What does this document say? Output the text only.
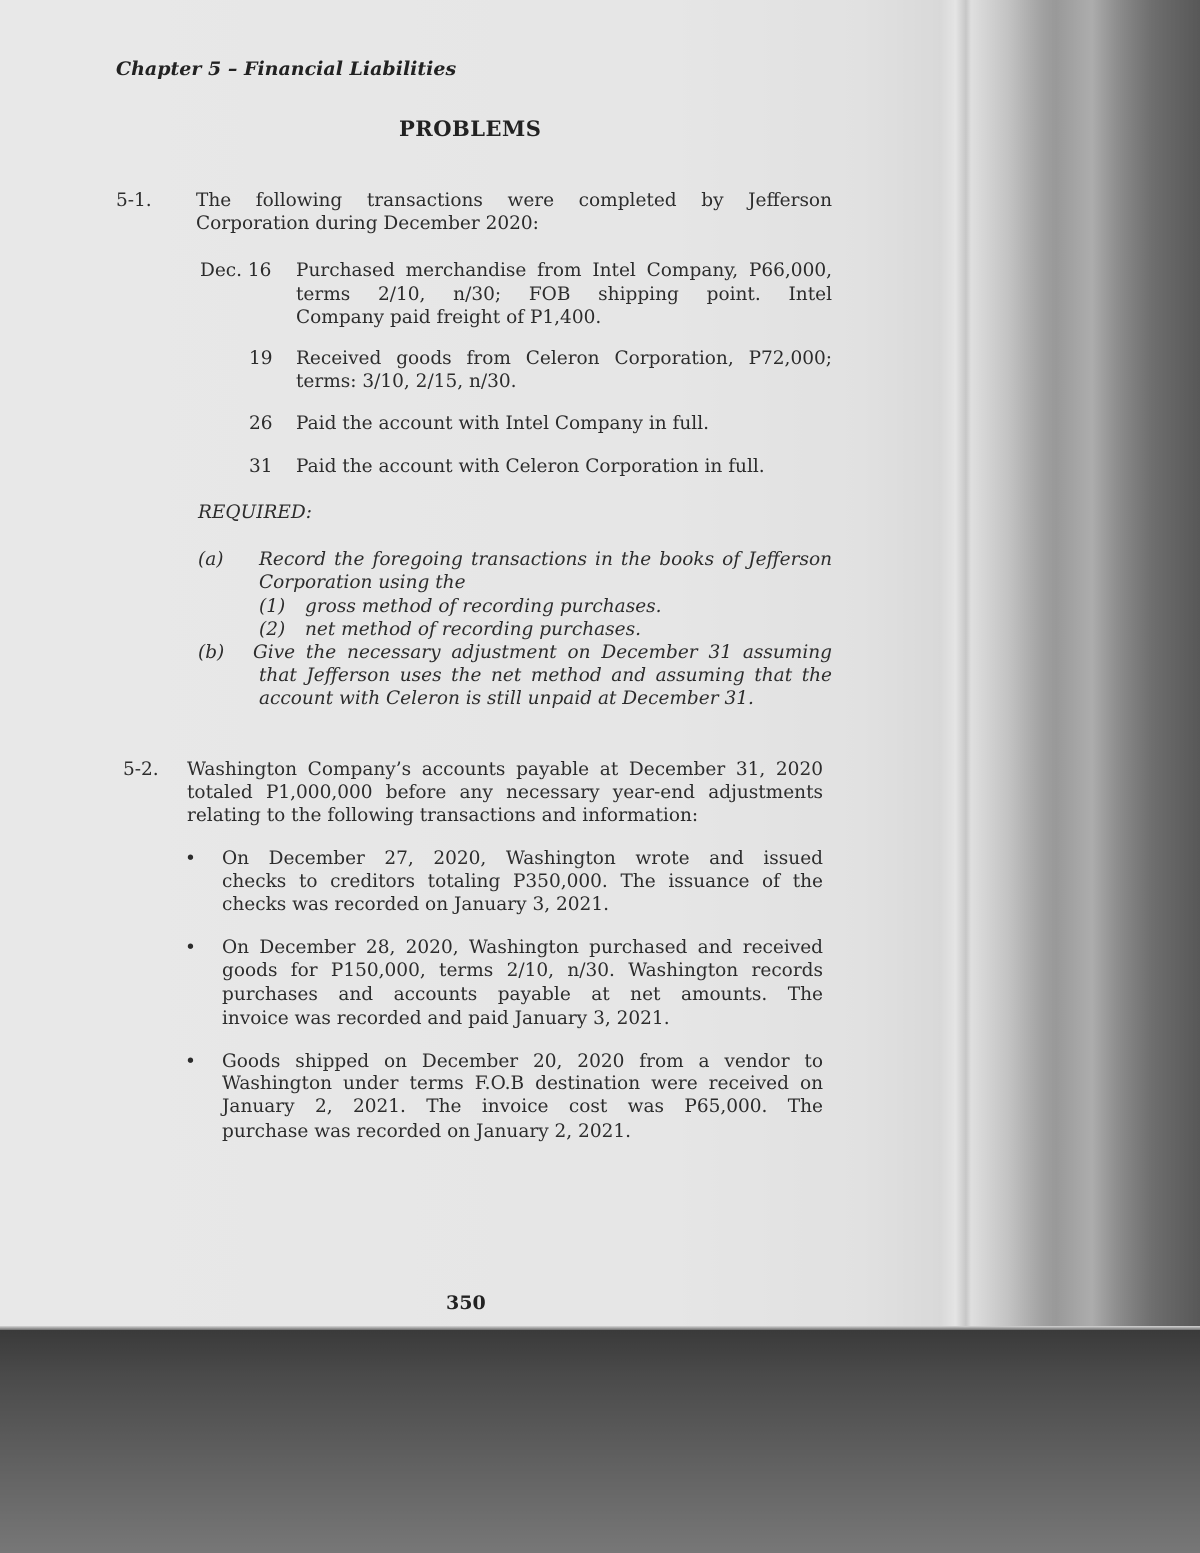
Chapter 5 – Financial Liabilities
PROBLEMS
5-1. The following transactions were completed by Jefferson
Corporation during December 2020:
Dec. 16 Purchased merchandise from Intel Company, P66,000,
terms 2/10, n/30; FOB shipping point. Intel
Company paid freight of P1,400.
19 Received goods from Celeron Corporation, P72,000;
terms: 3/10, 2/15, n/30.
26 Paid the account with Intel Company in full.
31 Paid the account with Celeron Corporation in full.
REQUIRED:
(a) Record the foregoing transactions in the books of Jefferson
Corporation using the
(1) gross method of recording purchases.
(2) net method of recording purchases.
(b) Give the necessary adjustment on December 31 assuming
that Jefferson uses the net method and assuming that the
account with Celeron is still unpaid at December 31.
5-2. Washington Company’s accounts payable at December 31, 2020
totaled P1,000,000 before any necessary year-end adjustments
relating to the following transactions and information:
• On December 27, 2020, Washington wrote and issued
checks to creditors totaling P350,000. The issuance of the
checks was recorded on January 3, 2021.
• On December 28, 2020, Washington purchased and received
goods for P150,000, terms 2/10, n/30. Washington records
purchases and accounts payable at net amounts. The
invoice was recorded and paid January 3, 2021.
• Goods shipped on December 20, 2020 from a vendor to
Washington under terms F.O.B destination were received on
January 2, 2021. The invoice cost was P65,000. The
purchase was recorded on January 2, 2021.
350
